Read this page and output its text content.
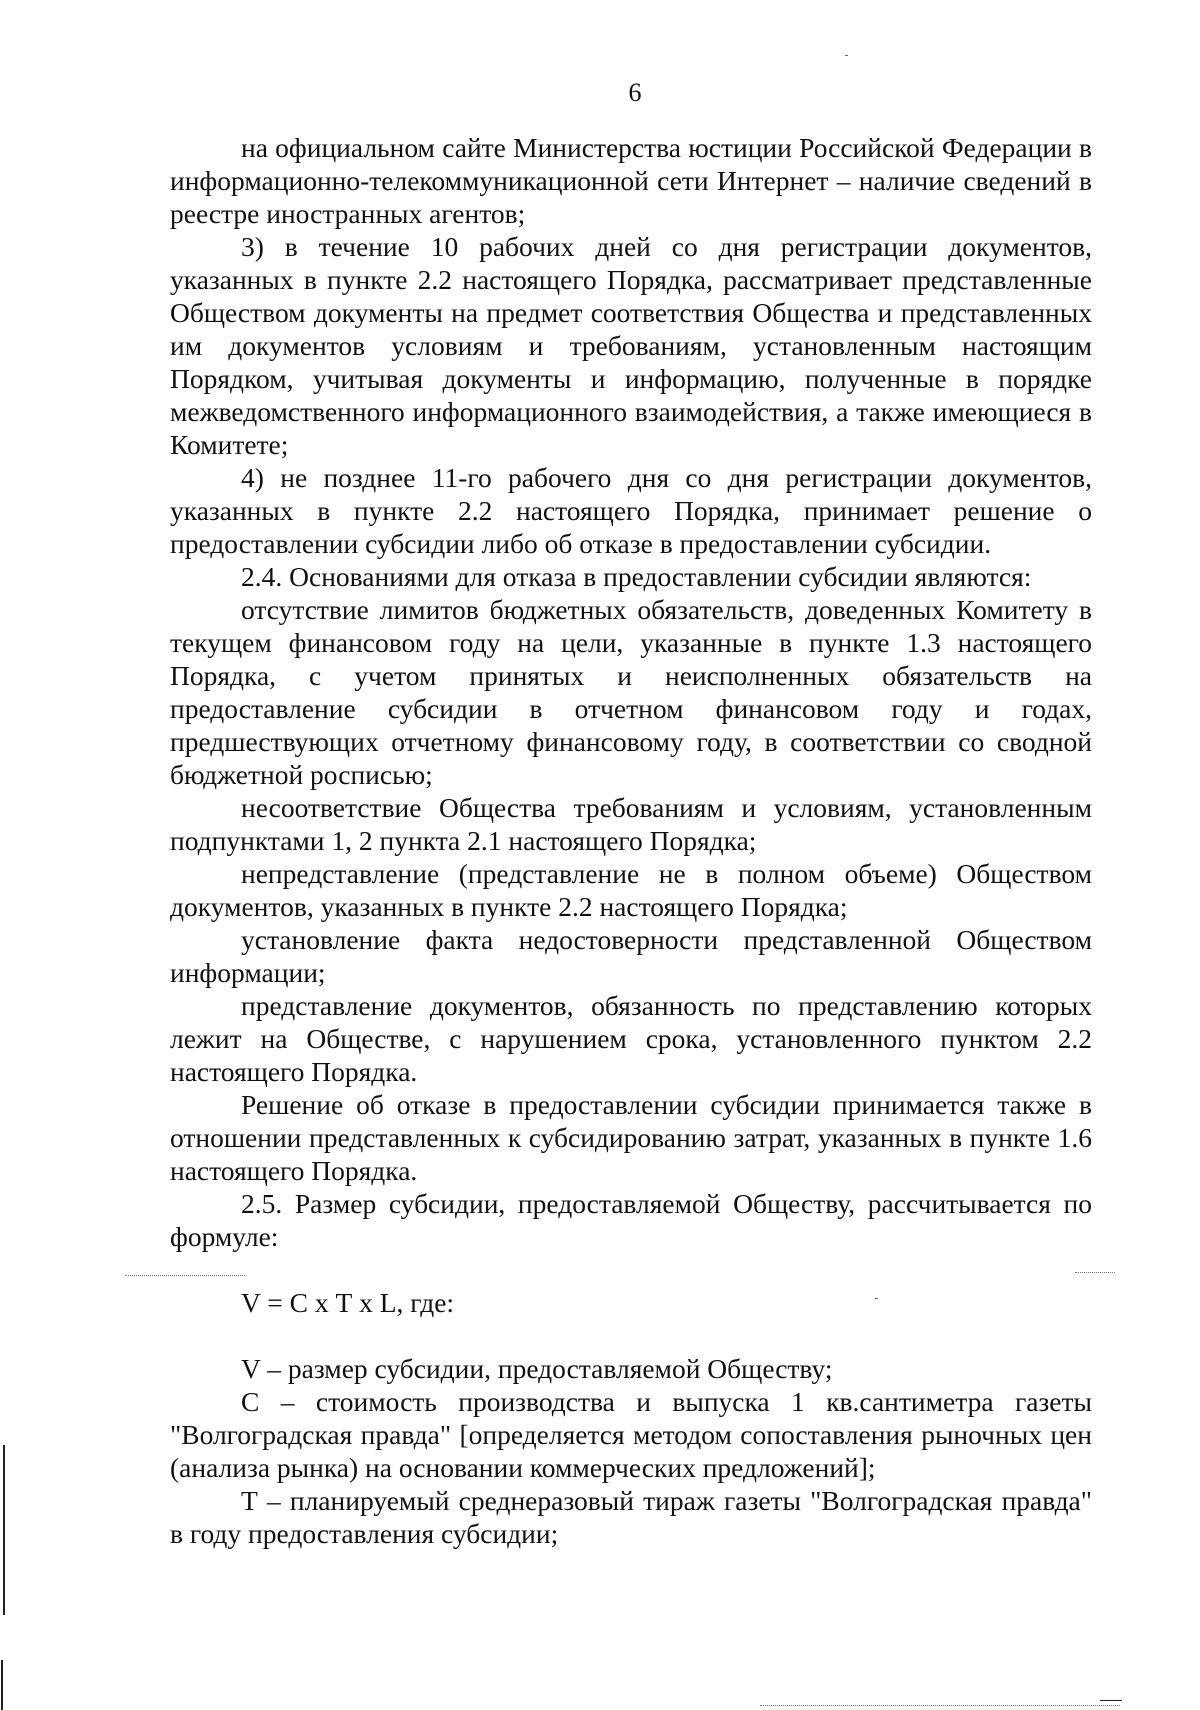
6

на официальном сайте Министерства юстиции Российской Федерации в информационно-телекоммуникационной сети Интернет – наличие сведений в реестре иностранных агентов;

3) в течение 10 рабочих дней со дня регистрации документов, указанных в пункте 2.2 настоящего Порядка, рассматривает представленные Обществом документы на предмет соответствия Общества и представленных им документов условиям и требованиям, установленным настоящим Порядком, учитывая документы и информацию, полученные в порядке межведомственного информационного взаимодействия, а также имеющиеся в Комитете;

4) не позднее 11-го рабочего дня со дня регистрации документов, указанных в пункте 2.2 настоящего Порядка, принимает решение о предоставлении субсидии либо об отказе в предоставлении субсидии.

2.4. Основаниями для отказа в предоставлении субсидии являются:

отсутствие лимитов бюджетных обязательств, доведенных Комитету в текущем финансовом году на цели, указанные в пункте 1.3 настоящего Порядка, с учетом принятых и неисполненных обязательств на предоставление субсидии в отчетном финансовом году и годах, предшествующих отчетному финансовому году, в соответствии со сводной бюджетной росписью;

несоответствие Общества требованиям и условиям, установленным подпунктами 1, 2 пункта 2.1 настоящего Порядка;

непредставление (представление не в полном объеме) Обществом документов, указанных в пункте 2.2 настоящего Порядка;

установление факта недостоверности представленной Обществом информации;

представление документов, обязанность по представлению которых лежит на Обществе, с нарушением срока, установленного пунктом 2.2 настоящего Порядка.

Решение об отказе в предоставлении субсидии принимается также в отношении представленных к субсидированию затрат, указанных в пункте 1.6 настоящего Порядка.

2.5. Размер субсидии, предоставляемой Обществу, рассчитывается по формуле:

V = С х Т х L, где:

V – размер субсидии, предоставляемой Обществу;

С – стоимость производства и выпуска 1 кв.сантиметра газеты "Волгоградская правда" [определяется методом сопоставления рыночных цен (анализа рынка) на основании коммерческих предложений];

Т – планируемый среднеразовый тираж газеты "Волгоградская правда" в году предоставления субсидии;
